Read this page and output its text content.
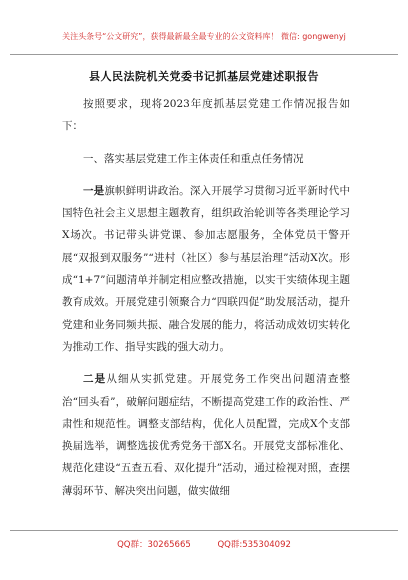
关注头条号“公文研究”，获得最新最全最专业的公文资料库！ 微信: gongwenyj
县人民法院机关党委书记抓基层党建述职报告

按照要求，现将2023年度抓基层党建工作情况报告如下：

一、落实基层党建工作主体责任和重点任务情况

一是旗帜鲜明讲政治。深入开展学习贯彻习近平新时代中国特色社会主义思想主题教育，组织政治轮训等各类理论学习X场次。书记带头讲党课、参加志愿服务，全体党员干警开展“双报到双服务”“进村（社区）参与基层治理”活动X次。形成“1+7”问题清单并制定相应整改措施，以实干实绩体现主题教育成效。开展党建引领聚合力“四联四促”助发展活动，提升党建和业务同频共振、融合发展的能力，将活动成效切实转化为推动工作、指导实践的强大动力。

二是从细从实抓党建。开展党务工作突出问题清查整治“回头看”，破解问题症结，不断提高党建工作的政治性、严肃性和规范性。调整支部结构，优化人员配置，完成X个支部换届选举，调整选拔优秀党务干部X名。开展党支部标准化、规范化建设“五查五看、双化提升”活动，通过检视对照，查摆薄弱环节、解决突出问题，做实做细

QQ群：30265665	QQ群:535304092
